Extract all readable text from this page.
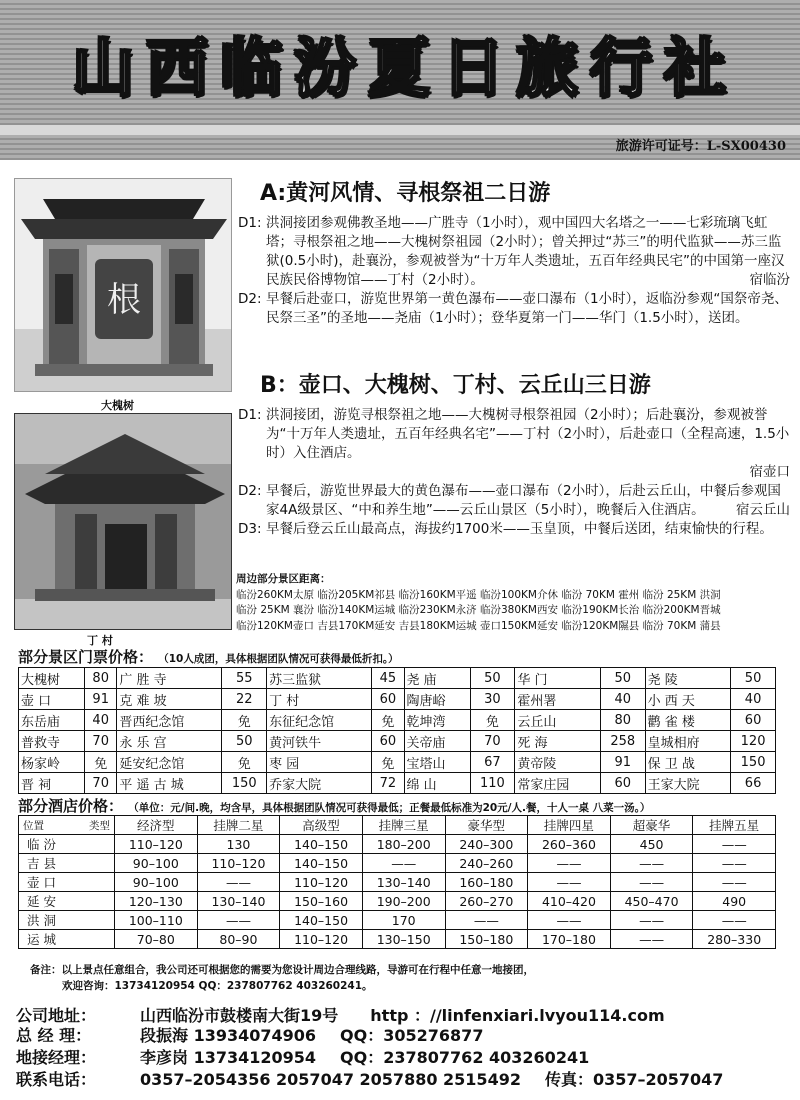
山西临汾夏日旅行社
旅游许可证号：L-SX00430
根
大槐树
丁 村
A:黄河风情、寻根祭祖二日游
D1: 洪洞接团参观佛教圣地——广胜寺（1小时），观中国四大名塔之一——七彩琉璃飞虹塔；寻根祭祖之地——大槐树祭祖园（2小时）；曾关押过“苏三”的明代监狱——苏三监狱(0.5小时)，赴襄汾，参观被誉为“十万年人类遗址，五百年经典民宅”的中国第一座汉民族民俗博物馆——丁村（2小时）。	宿临汾
D2: 早餐后赴壶口，游览世界第一黄色瀑布——壶口瀑布（1小时），返临汾参观“国祭帝尧、民祭三圣”的圣地——尧庙（1小时）；登华夏第一门——华门（1.5小时），送团。
B：壶口、大槐树、丁村、云丘山三日游
D1: 洪洞接团，游览寻根祭祖之地——大槐树寻根祭祖园（2小时）；后赴襄汾，参观被誉为“十万年人类遗址，五百年经典名宅”——丁村（2小时），后赴壶口（全程高速，1.5小时）入住酒店。
宿壶口
D2: 早餐后，游览世界最大的黄色瀑布——壶口瀑布（2小时），后赴云丘山，中餐后参观国家4A级景区、“中和养生地”——云丘山景区（5小时），晚餐后入住酒店。	宿云丘山
D3: 早餐后登云丘山最高点，海拔约1700米——玉皇顶，中餐后送团，结束愉快的行程。
周边部分景区距离：
临汾260KM太原 临汾205KM祁县 临汾160KM平遥 临汾100KM介休 临汾 70KM 霍州 临汾 25KM 洪洞
临汾 25KM 襄汾 临汾140KM运城 临汾230KM永济 临汾380KM西安 临汾190KM长治 临汾200KM晋城
临汾120KM壶口 吉县170KM延安 吉县180KM运城 壶口150KM延安 临汾120KM隰县 临汾 70KM 蒲县
部分景区门票价格： （10人成团，具体根据团队情况可获得最低折扣。）
大槐树	80	广 胜 寺	55	苏三监狱	45	尧 庙	50	华 门	50	尧 陵	50
壶 口	91	克 难 坡	22	丁 村	60	陶唐峪	30	霍州署	40	小 西 天	40
东岳庙	40	晋西纪念馆	免	东征纪念馆	免	乾坤湾	免	云丘山	80	鹳 雀 楼	60
普救寺	70	永 乐 宫	50	黄河铁牛	60	关帝庙	70	死 海	258	皇城相府	120
杨家岭	免	延安纪念馆	免	枣 园	免	宝塔山	67	黄帝陵	91	保 卫 战	150
晋 祠	70	平 遥 古 城	150	乔家大院	72	绵 山	110	常家庄园	60	王家大院	66
部分酒店价格： （单位：元/间.晚，均含早，具体根据团队情况可获得最低；正餐最低标准为20元/人.餐，十人一桌 八菜一汤。）
位置 类型	经济型	挂牌二星	高级型	挂牌三星	豪华型	挂牌四星	超豪华	挂牌五星
临 汾	110–120	130	140–150	180–200	240–300	260–360	450	——
吉 县	90–100	110–120	140–150	——	240–260	——	——	——
壶 口	90–100	——	110–120	130–140	160–180	——	——	——
延 安	120–130	130–140	150–160	190–200	260–270	410–420	450–470	490
洪 洞	100–110	——	140–150	170	——	——	——	——
运 城	70–80	80–90	110–120	130–150	150–180	170–180	——	280–330
备注：以上景点任意组合，我公司还可根据您的需要为您设计周边合理线路，导游可在行程中任意一地接团，
欢迎咨询：13734120954 QQ：237807762 403260241。
公司地址：	山西临汾市鼓楼南大街19号 http ：//linfenxiari.lvyou114.com
总 经 理：	段振海 13934074906 QQ：305276877
地接经理：	李彦岗 13734120954 QQ：237807762 403260241
联系电话：	0357–2054356 2057047 2057880 2515492 传真：0357–2057047
